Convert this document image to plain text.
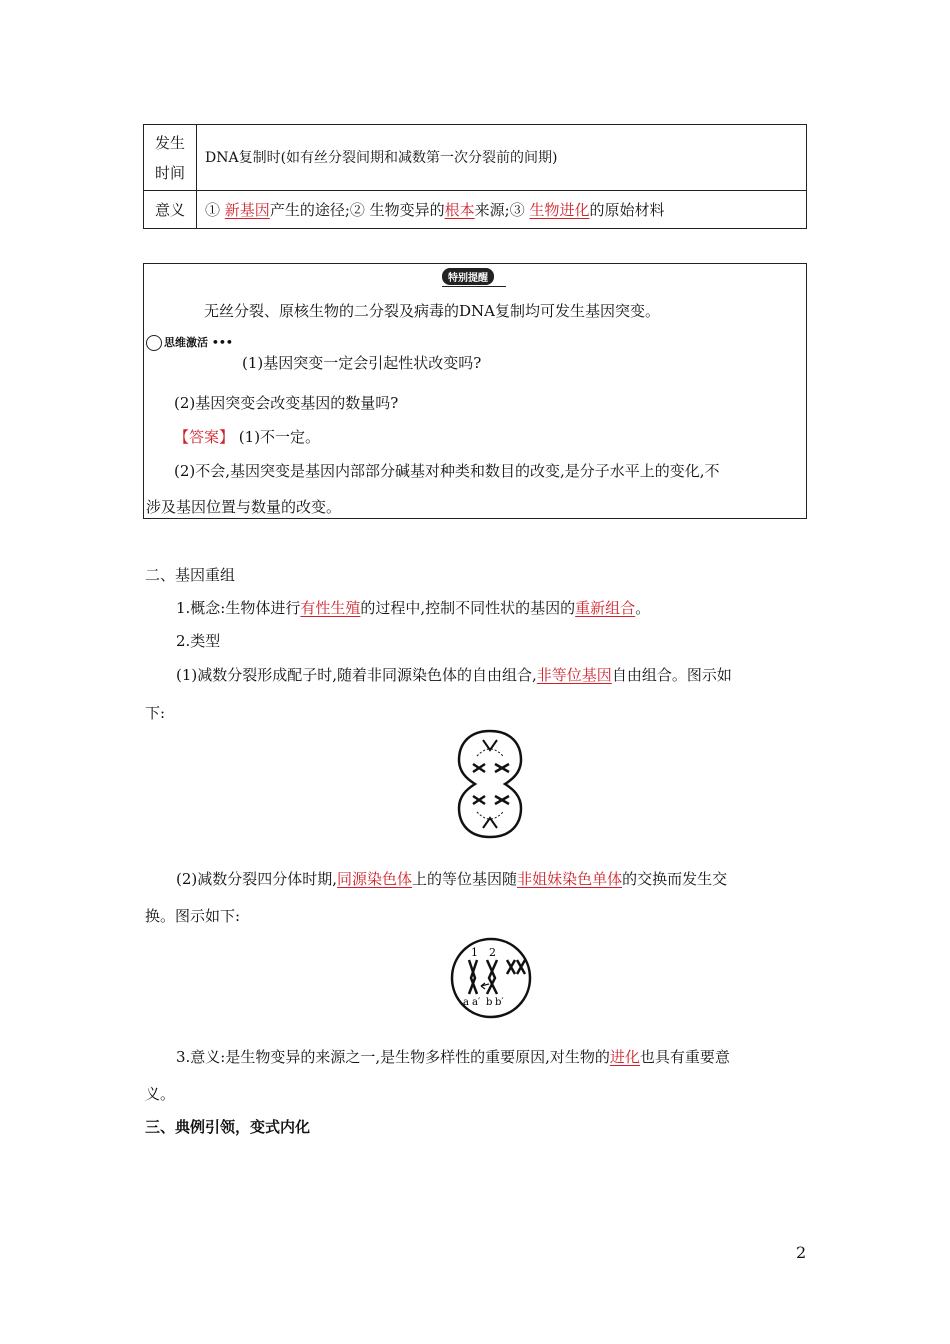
发生时间	DNA复制时(如有丝分裂间期和减数第一次分裂前的间期)
意义	① 新基因产生的途径;② 生物变异的根本来源;③ 生物进化的原始材料
特别提醒
无丝分裂、原核生物的二分裂及病毒的DNA复制均可发生基因突变。
思维激活 •••
(1)基因突变一定会引起性状改变吗?
(2)基因突变会改变基因的数量吗?
【答案】 (1)不一定。
(2)不会,基因突变是基因内部部分碱基对种类和数目的改变,是分子水平上的变化,不
涉及基因位置与数量的改变。
二、基因重组
1.概念:生物体进行有性生殖的过程中,控制不同性状的基因的重新组合。
2.类型
(1)减数分裂形成配子时,随着非同源染色体的自由组合,非等位基因自由组合。图示如
下:
(2)减数分裂四分体时期,同源染色体上的等位基因随非姐妹染色单体的交换而发生交
换。图示如下:
1 2
a a′ b b′
3.意义:是生物变异的来源之一,是生物多样性的重要原因,对生物的进化也具有重要意
义。
三、典例引领，变式内化
2
